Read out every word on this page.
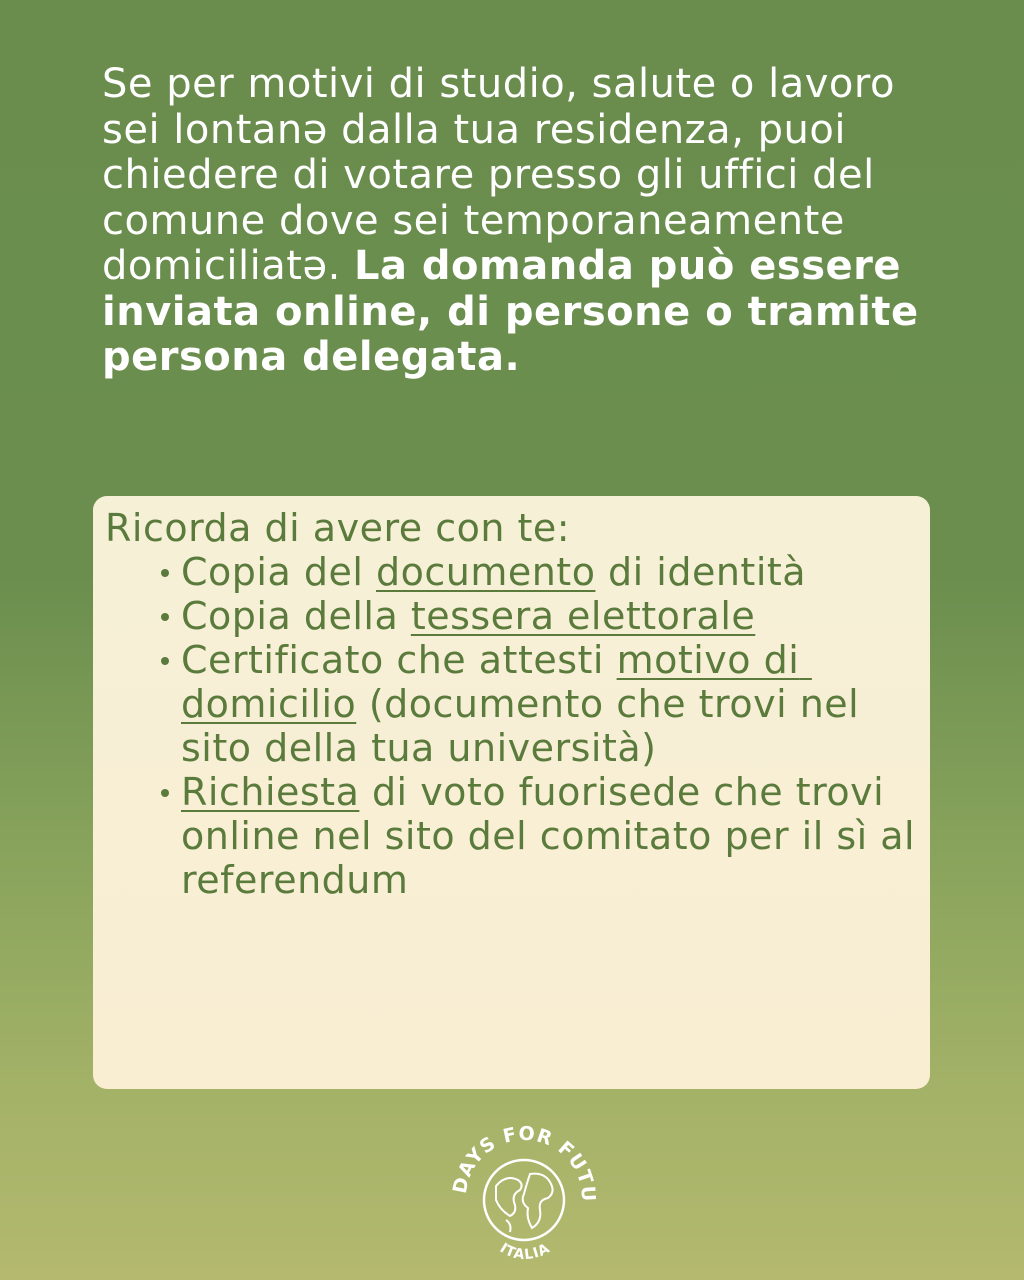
Se per motivi di studio, salute o lavoro sei lontanə dalla tua residenza, puoi chiedere di votare presso gli uffici del comune dove sei temporaneamente domiciliatə. La domanda può essere inviata online, di persone o tramite persona delegata.

Ricorda di avere con te:

Copia del documento di identità
Copia della tessera elettorale
Certificato che attesti motivo di domicilio (documento che trovi nel sito della tua università)
Richiesta di voto fuorisede che trovi online nel sito del comitato per il sì al referendum
DAYS FOR FUTU
ITALIA
